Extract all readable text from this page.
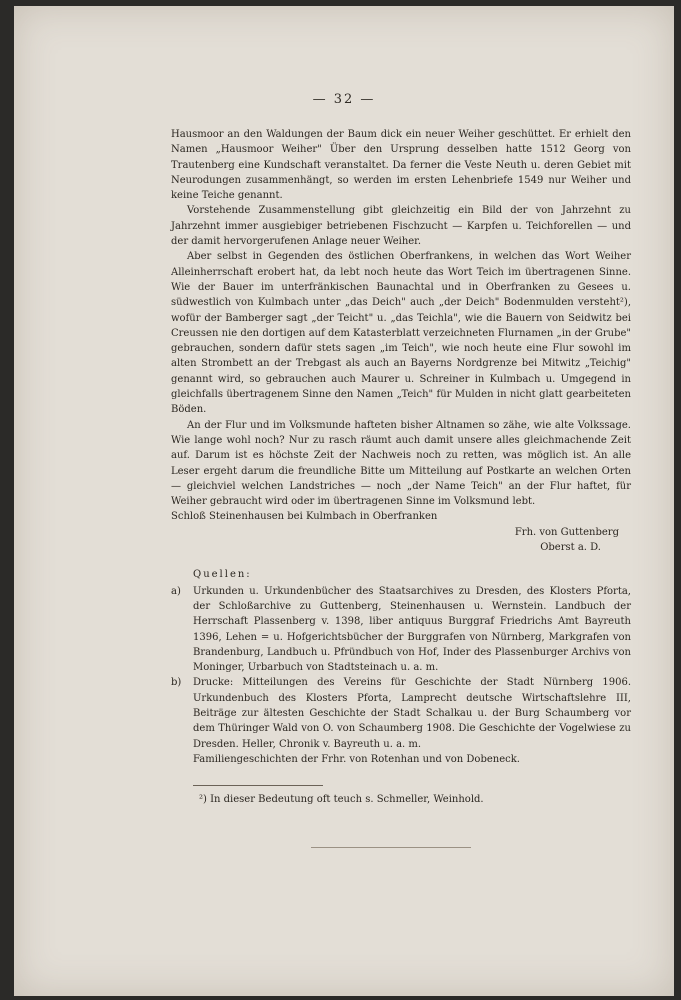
— 32 —

Hausmoor an den Waldungen der Baum dick ein neuer Weiher geschüttet. Er erhielt den Namen „Hausmoor Weiher" Über den Ursprung desselben hatte 1512 Georg von Trautenberg eine Kundschaft veranstaltet. Da ferner die Veste Neuth u. deren Gebiet mit Neurodungen zusammenhängt, so werden im ersten Lehenbriefe 1549 nur Weiher und keine Teiche genannt.

Vorstehende Zusammenstellung gibt gleichzeitig ein Bild der von Jahrzehnt zu Jahrzehnt immer ausgiebiger betriebenen Fischzucht — Karpfen u. Teichforellen — und der damit hervorgerufenen Anlage neuer Weiher.

Aber selbst in Gegenden des östlichen Oberfrankens, in welchen das Wort Weiher Alleinherrschaft erobert hat, da lebt noch heute das Wort Teich im übertragenen Sinne. Wie der Bauer im unterfränkischen Baunachtal und in Oberfranken zu Gesees u. südwestlich von Kulmbach unter „das Deich" auch „der Deich" Bodenmulden versteht²), wofür der Bamberger sagt „der Teicht" u. „das Teichla", wie die Bauern von Seidwitz bei Creussen nie den dortigen auf dem Katasterblatt verzeichneten Flurnamen „in der Grube" gebrauchen, sondern dafür stets sagen „im Teich", wie noch heute eine Flur sowohl im alten Strombett an der Trebgast als auch an Bayerns Nordgrenze bei Mitwitz „Teichig" genannt wird, so gebrauchen auch Maurer u. Schreiner in Kulmbach u. Umgegend in gleichfalls übertragenem Sinne den Namen „Teich" für Mulden in nicht glatt gearbeiteten Böden.

An der Flur und im Volksmunde hafteten bisher Altnamen so zähe, wie alte Volkssage. Wie lange wohl noch? Nur zu rasch räumt auch damit unsere alles gleichmachende Zeit auf. Darum ist es höchste Zeit der Nachweis noch zu retten, was möglich ist. An alle Leser ergeht darum die freundliche Bitte um Mitteilung auf Postkarte an welchen Orten — gleichviel welchen Landstriches — noch „der Name Teich" an der Flur haftet, für Weiher gebraucht wird oder im übertragenen Sinne im Volksmund lebt.

Schloß Steinenhausen bei Kulmbach in Oberfranken

Frh. von Guttenberg

Oberst a. D.

Quellen:

a)	Urkunden u. Urkundenbücher des Staatsarchives zu Dresden, des Klosters Pforta, der Schloßarchive zu Guttenberg, Steinenhausen u. Wernstein. Landbuch der Herrschaft Plassenberg v. 1398, liber antiquus Burggraf Friedrichs Amt Bayreuth 1396, Lehen = u. Hofgerichtsbücher der Burggrafen von Nürnberg, Markgrafen von Brandenburg, Landbuch u. Pfründbuch von Hof, Inder des Plassenburger Archivs von Moninger, Urbarbuch von Stadtsteinach u. a. m.
b)	Drucke: Mitteilungen des Vereins für Geschichte der Stadt Nürnberg 1906. Urkundenbuch des Klosters Pforta, Lamprecht deutsche Wirtschaftslehre III, Beiträge zur ältesten Geschichte der Stadt Schalkau u. der Burg Schaumberg vor dem Thüringer Wald von O. von Schaumberg 1908. Die Geschichte der Vogelwiese zu Dresden. Heller, Chronik v. Bayreuth u. a. m.

Familiengeschichten der Frhr. von Rotenhan und von Dobeneck.

²) In dieser Bedeutung oft teuch s. Schmeller, Weinhold.
